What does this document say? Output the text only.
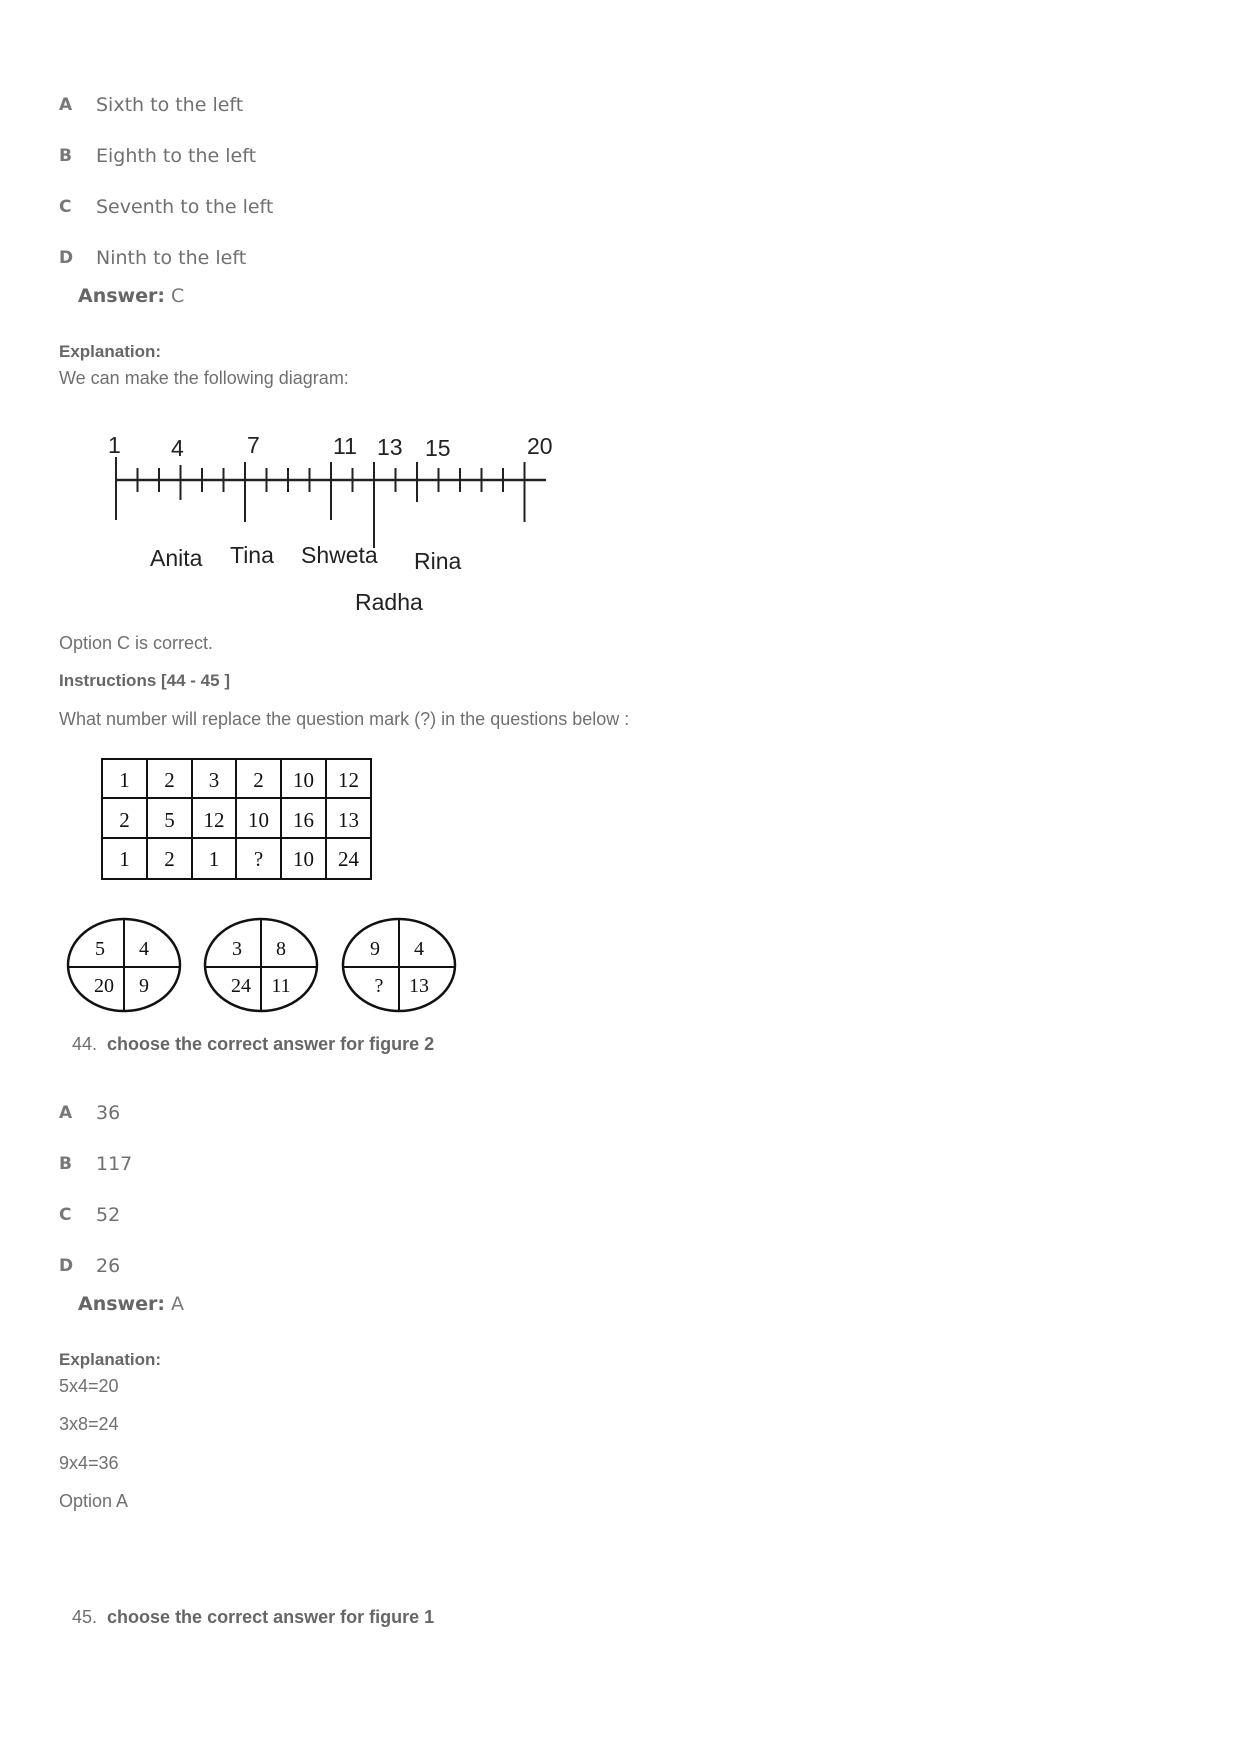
A Sixth to the left
B Eighth to the left
C Seventh to the left
D Ninth to the left
Answer: C
Explanation:
We can make the following diagram:
1 4	7	11 13 15	20
Anita Tina Shweta Rina
Radha
Option C is correct.
Instructions [44 - 45 ]
What number will replace the question mark (?) in the questions below :
1 2 3 2 10 12
2 5 12 10 16 13
1 2 1 ? 10 24
5 4
20 9
3 8
24 11
9 4
? 13
44. choose the correct answer for figure 2
A 36
B 117
C 52
D 26
Answer: A
Explanation:
5x4=20
3x8=24
9x4=36
Option A
45. choose the correct answer for figure 1
